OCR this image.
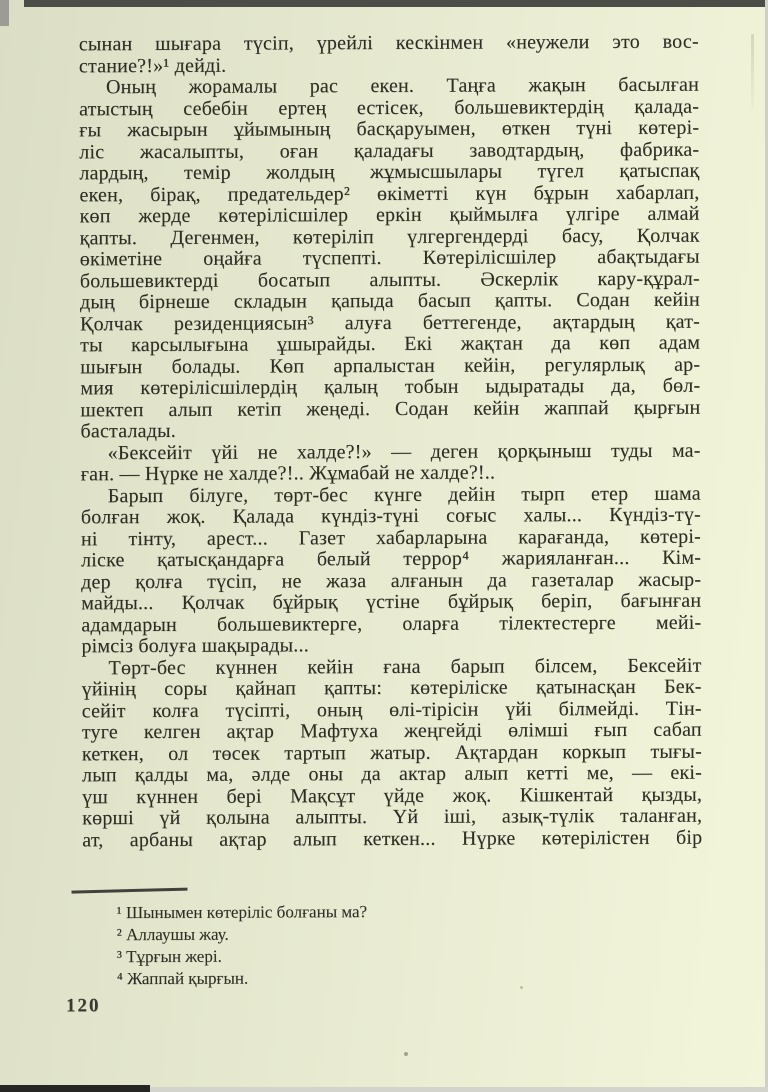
сынан шығара түсіп, үрейлі кескінмен «неужели это вос-
стание?!»¹ дейді.
Оның жорамалы рас екен. Таңға жақын басылған
атыстың себебін ертең естісек, большевиктердің қалада-
ғы жасырын ұйымының басқаруымен, өткен түні көтері-
ліс жасалыпты, оған қаладағы заводтардың, фабрика-
лардың, темір жолдың жұмысшылары түгел қатыспақ
екен, бірақ, предательдер² өкіметті күн бұрын хабарлап,
көп жерде көтерілісшілер еркін қыймылға үлгіре алмай
қапты. Дегенмен, көтеріліп үлгергендерді басу, Қолчак
өкіметіне оңайға түспепті. Көтерілісшілер абақтыдағы
большевиктерді босатып алыпты. Әскерлік кару-құрал-
дың бірнеше складын қапыда басып қапты. Содан кейін
Қолчак резиденциясын³ алуға беттегенде, ақтардың қат-
ты карсылығына ұшырайды. Екі жақтан да көп адам
шығын болады. Көп арпалыстан кейін, регулярлық ар-
мия көтерілісшілердің қалың тобын ыдыратады да, бөл-
шектеп алып кетіп жеңеді. Содан кейін жаппай қырғын
басталады.
«Бексейіт үйі не халде?!» — деген қорқыныш туды ма-
ған. — Нүрке не халде?!.. Жұмабай не халде?!..
Барып білуге, төрт-бес күнге дейін тырп етер шама
болған жоқ. Қалада күндіз-түні соғыс халы... Күндіз-тү-
ні тінту, арест... Газет хабарларына карағанда, көтері-
ліске қатысқандарға белый террор⁴ жарияланған... Кім-
дер қолға түсіп, не жаза алғанын да газеталар жасыр-
майды... Қолчак бұйрық үстіне бұйрық беріп, бағынған
адамдарын большевиктерге, оларға тілектестерге мейі-
рімсіз болуға шақырады...
Төрт-бес күннен кейін ғана барып білсем, Бексейіт
үйінің соры қайнап қапты: көтеріліске қатынасқан Бек-
сейіт колға түсіпті, оның өлі-тірісін үйі білмейді. Тін-
туге келген ақтар Мафтуха жеңгейді өлімші ғып сабап
кеткен, ол төсек тартып жатыр. Ақтардан коркып тығы-
лып қалды ма, әлде оны да актар алып кетті ме, — екі-
үш күннен бері Мақсұт үйде жоқ. Кішкентай қызды,
көрші үй қолына алыпты. Үй іші, азық-түлік таланған,
ат, арбаны ақтар алып кеткен... Нүрке көтерілістен бір
¹ Шынымен көтеріліс болғаны ма?
² Аллаушы жау.
³ Тұрғын жері.
⁴ Жаппай қырғын.
120
